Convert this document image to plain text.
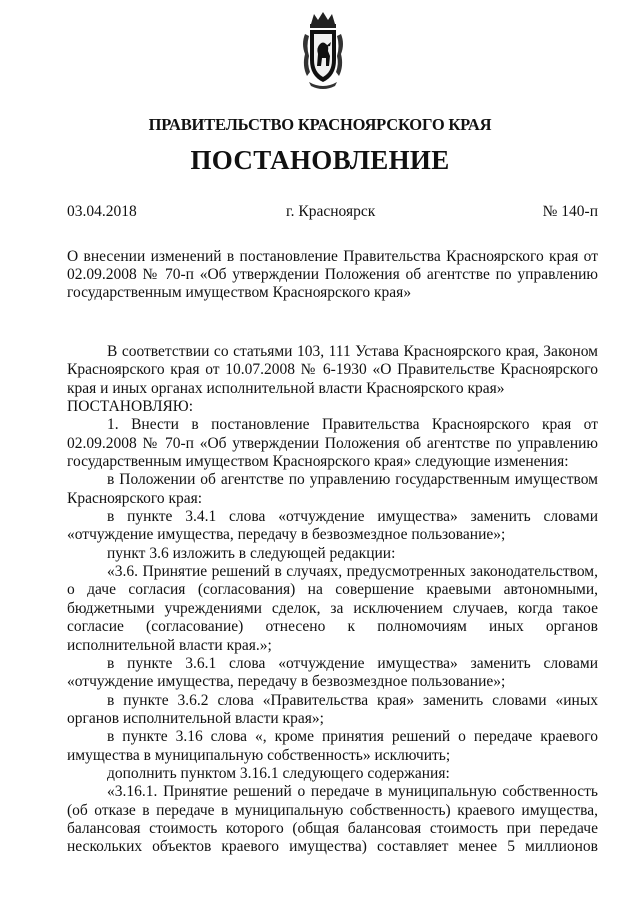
ПРАВИТЕЛЬСТВО КРАСНОЯРСКОГО КРАЯ
ПОСТАНОВЛЕНИЕ
03.04.2018	г. Красноярск	№ 140-п
О внесении изменений в постановление Правительства Красноярского края от 02.09.2008 № 70-п «Об утверждении Положения об агентстве по управлению государственным имуществом Красноярского края»

В соответствии со статьями 103, 111 Устава Красноярского края, Законом Красноярского края от 10.07.2008 № 6-1930 «О Правительстве Красноярского края и иных органах исполнительной власти Красноярского края»

ПОСТАНОВЛЯЮ:

1. Внести в постановление Правительства Красноярского края от 02.09.2008 № 70-п «Об утверждении Положения об агентстве по управлению государственным имуществом Красноярского края» следующие изменения:

в Положении об агентстве по управлению государственным имуществом Красноярского края:

в пункте 3.4.1 слова «отчуждение имущества» заменить словами «отчуждение имущества, передачу в безвозмездное пользование»;

пункт 3.6 изложить в следующей редакции:

«3.6. Принятие решений в случаях, предусмотренных законодательством, о даче согласия (согласования) на совершение краевыми автономными, бюджетными учреждениями сделок, за исключением случаев, когда такое согласие (согласование) отнесено к полномочиям иных органов исполнительной власти края.»;

в пункте 3.6.1 слова «отчуждение имущества» заменить словами «отчуждение имущества, передачу в безвозмездное пользование»;

в пункте 3.6.2 слова «Правительства края» заменить словами «иных органов исполнительной власти края»;

в пункте 3.16 слова «, кроме принятия решений о передаче краевого имущества в муниципальную собственность» исключить;

дополнить пунктом 3.16.1 следующего содержания:

«3.16.1. Принятие решений о передаче в муниципальную собственность (об отказе в передаче в муниципальную собственность) краевого имущества, балансовая стоимость которого (общая балансовая стоимость при передаче нескольких объектов краевого имущества) составляет менее 5 миллионов
